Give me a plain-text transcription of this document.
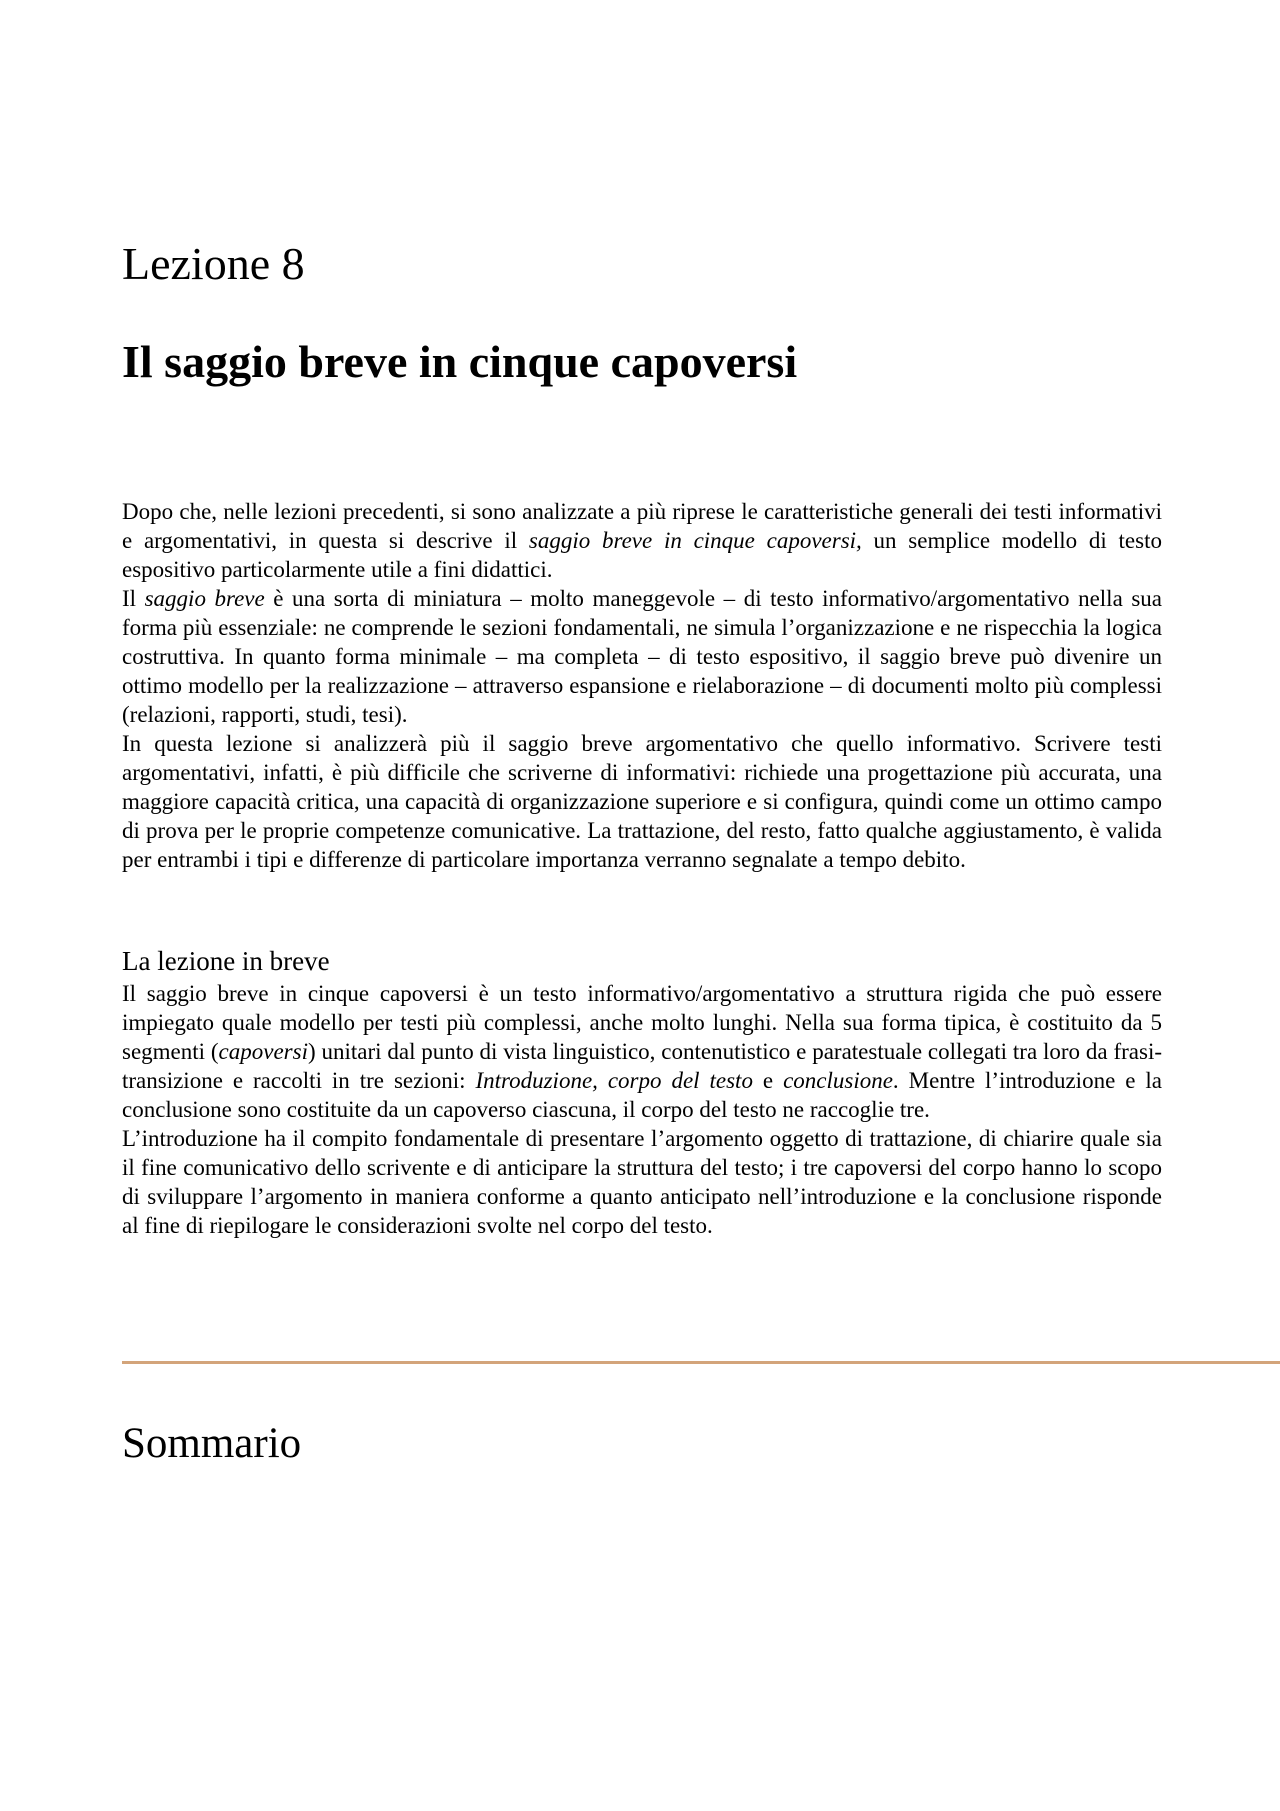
Lezione 8
Il saggio breve in cinque capoversi

Dopo che, nelle lezioni precedenti, si sono analizzate a più riprese le caratteristiche generali dei testi informativi e argomentativi, in questa si descrive il saggio breve in cinque capoversi, un semplice modello di testo espositivo particolarmente utile a fini didattici.

Il saggio breve è una sorta di miniatura – molto maneggevole – di testo informativo/argomentativo nella sua forma più essenziale: ne comprende le sezioni fondamentali, ne simula l’organizzazione e ne rispecchia la logica costruttiva. In quanto forma minimale – ma completa – di testo espositivo, il saggio breve può divenire un ottimo modello per la realizzazione – attraverso espansione e rielaborazione – di documenti molto più complessi (relazioni, rapporti, studi, tesi).

In questa lezione si analizzerà più il saggio breve argomentativo che quello informativo. Scrivere testi argomentativi, infatti, è più difficile che scriverne di informativi: richiede una progettazione più accurata, una maggiore capacità critica, una capacità di organizzazione superiore e si configura, quindi come un ottimo campo di prova per le proprie competenze comunicative. La trattazione, del resto, fatto qualche aggiustamento, è valida per entrambi i tipi e differenze di particolare importanza verranno segnalate a tempo debito.

La lezione in breve

Il saggio breve in cinque capoversi è un testo informativo/argomentativo a struttura rigida che può essere impiegato quale modello per testi più complessi, anche molto lunghi. Nella sua forma tipica, è costituito da 5 segmenti (capoversi) unitari dal punto di vista linguistico, contenutistico e paratestuale collegati tra loro da frasi-transizione e raccolti in tre sezioni: Introduzione, corpo del testo e conclusione. Mentre l’introduzione e la conclusione sono costituite da un capoverso ciascuna, il corpo del testo ne raccoglie tre.

L’introduzione ha il compito fondamentale di presentare l’argomento oggetto di trattazione, di chiarire quale sia il fine comunicativo dello scrivente e di anticipare la struttura del testo; i tre capoversi del corpo hanno lo scopo di sviluppare l’argomento in maniera conforme a quanto anticipato nell’introduzione e la conclusione risponde al fine di riepilogare le considerazioni svolte nel corpo del testo.

Sommario
